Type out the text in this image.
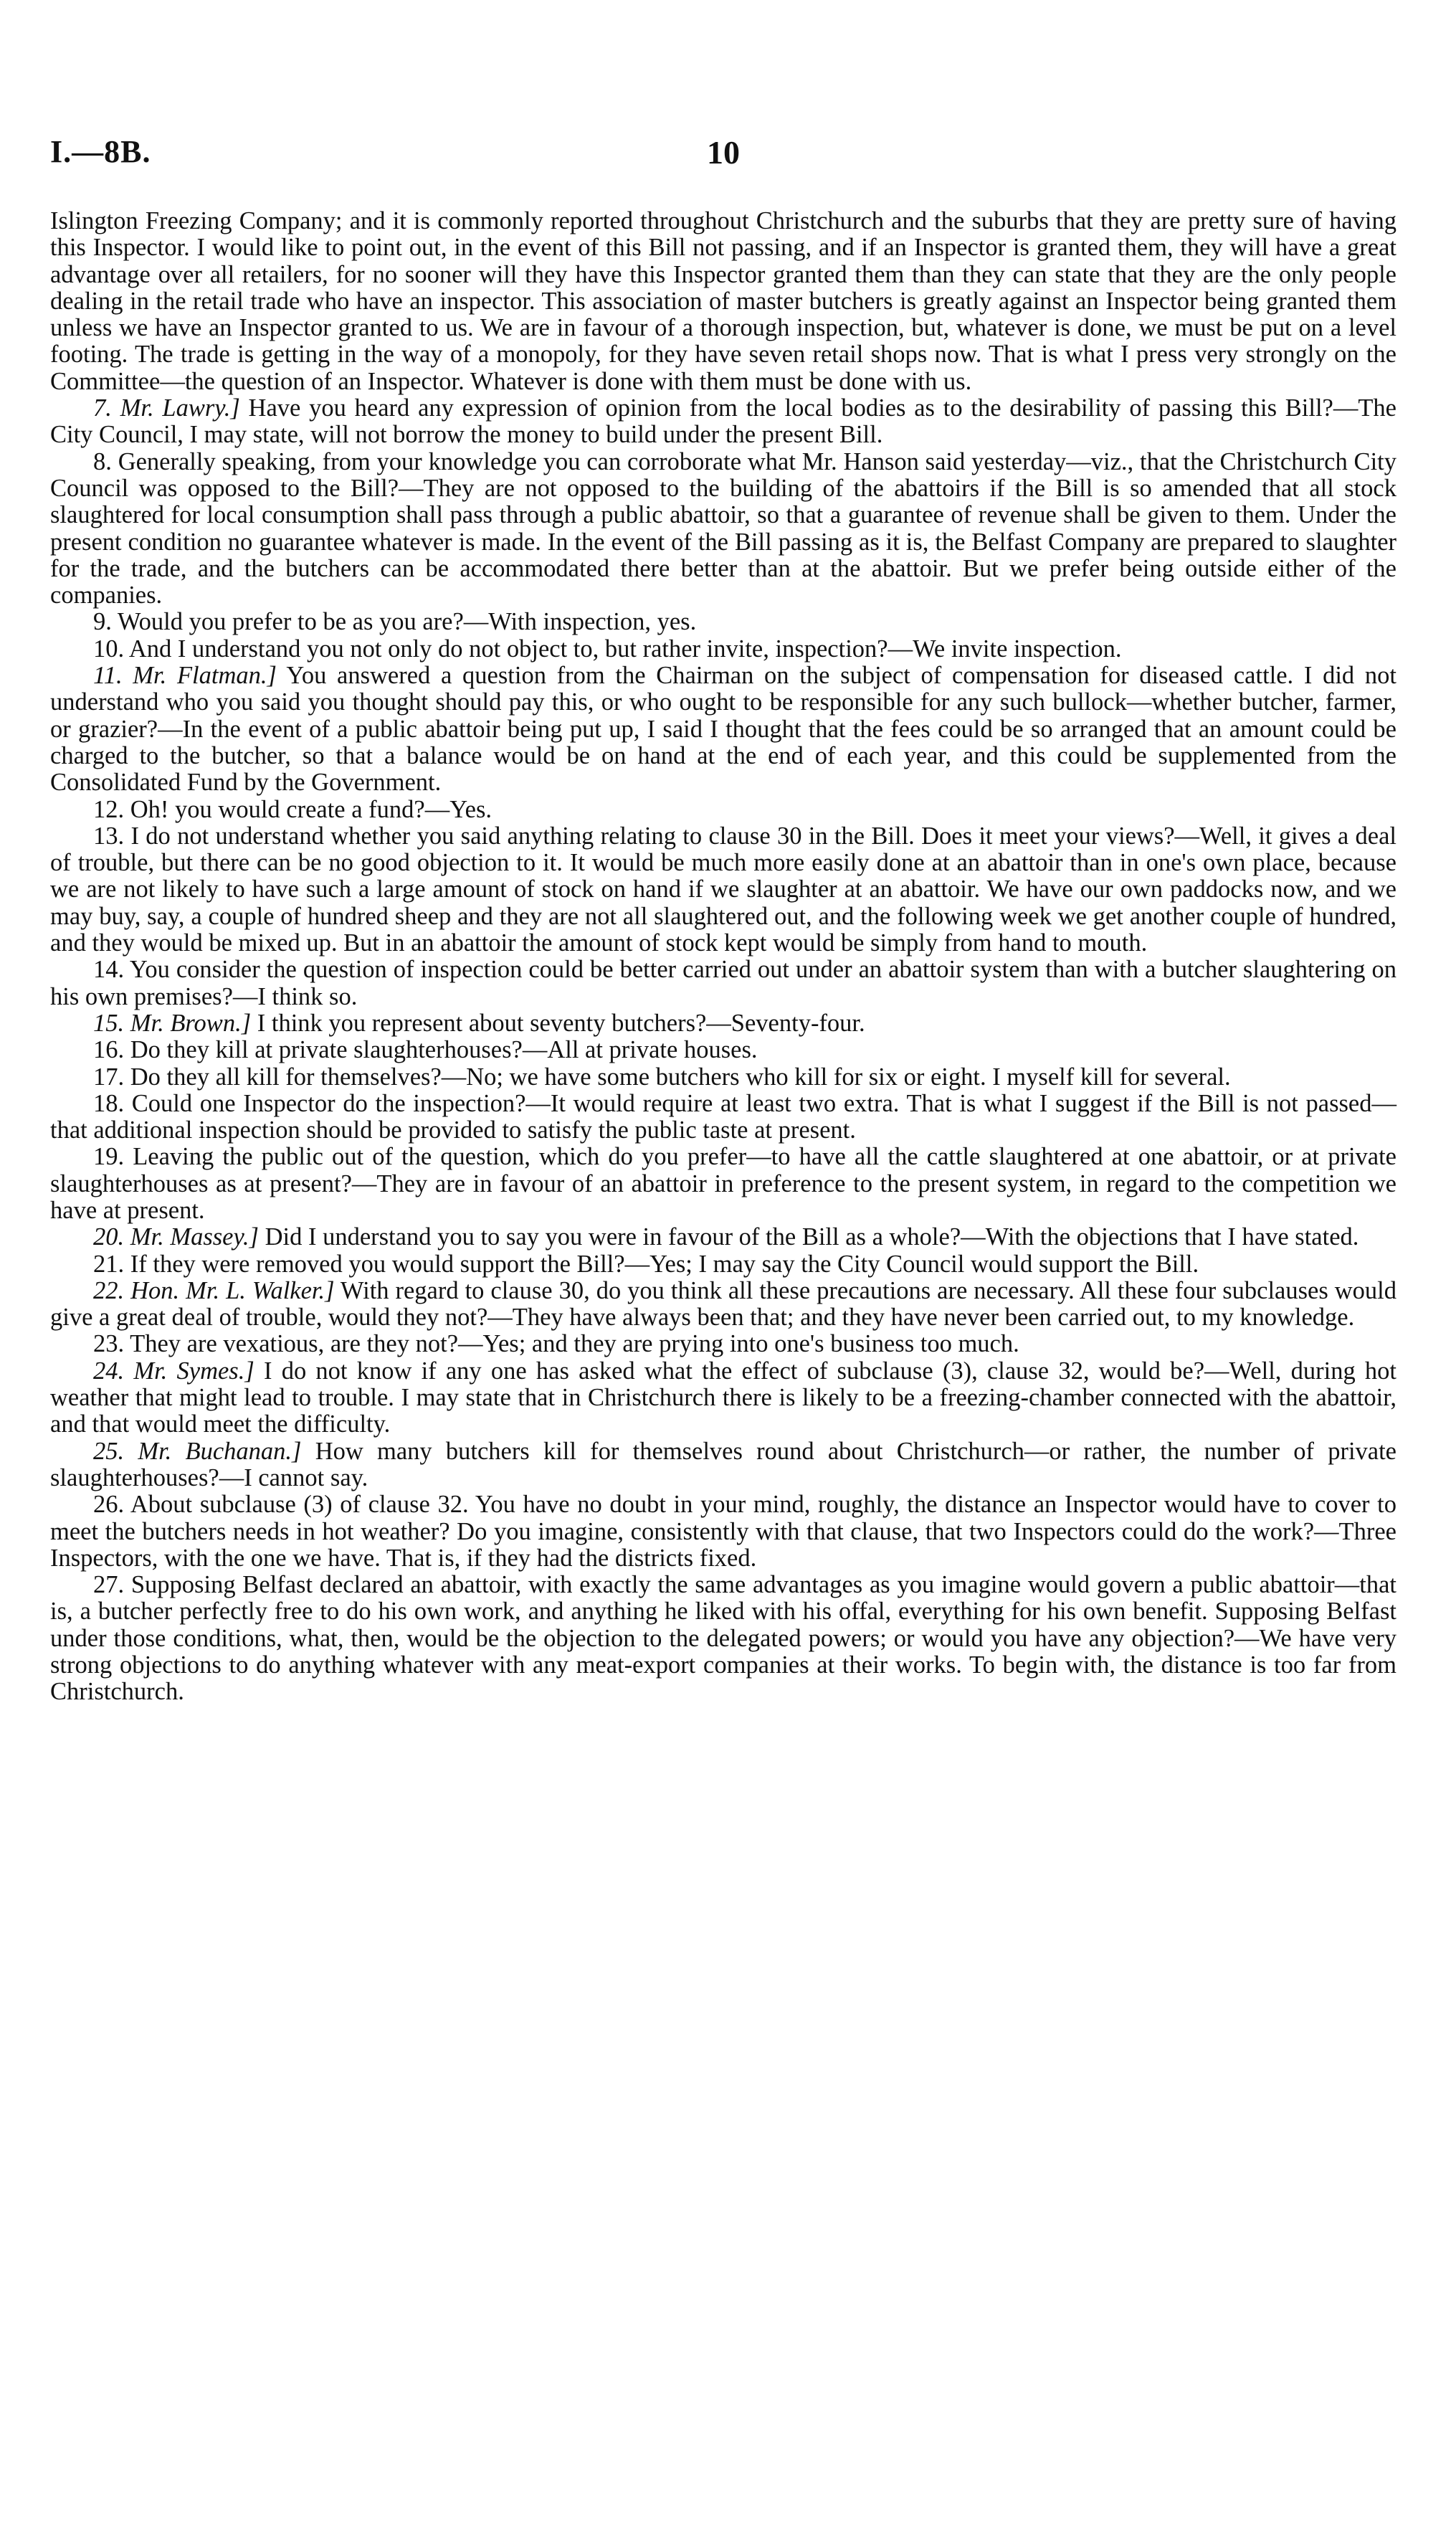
I.—8B.	10

Islington Freezing Company; and it is commonly reported throughout Christchurch and the suburbs that they are pretty sure of having this Inspector. I would like to point out, in the event of this Bill not passing, and if an Inspector is granted them, they will have a great advantage over all retailers, for no sooner will they have this Inspector granted them than they can state that they are the only people dealing in the retail trade who have an inspector. This association of master butchers is greatly against an Inspector being granted them unless we have an Inspector granted to us. We are in favour of a thorough inspection, but, whatever is done, we must be put on a level footing. The trade is getting in the way of a monopoly, for they have seven retail shops now. That is what I press very strongly on the Committee—the question of an Inspector. Whatever is done with them must be done with us.

7. Mr. Lawry.] Have you heard any expression of opinion from the local bodies as to the desirability of passing this Bill?—The City Council, I may state, will not borrow the money to build under the present Bill.

8. Generally speaking, from your knowledge you can corroborate what Mr. Hanson said yesterday—viz., that the Christchurch City Council was opposed to the Bill?—They are not opposed to the building of the abattoirs if the Bill is so amended that all stock slaughtered for local consumption shall pass through a public abattoir, so that a guarantee of revenue shall be given to them. Under the present condition no guarantee whatever is made. In the event of the Bill passing as it is, the Belfast Company are prepared to slaughter for the trade, and the butchers can be accommodated there better than at the abattoir. But we prefer being outside either of the companies.

9. Would you prefer to be as you are?—With inspection, yes.

10. And I understand you not only do not object to, but rather invite, inspection?—We invite inspection.

11. Mr. Flatman.] You answered a question from the Chairman on the subject of compensation for diseased cattle. I did not understand who you said you thought should pay this, or who ought to be responsible for any such bullock—whether butcher, farmer, or grazier?—In the event of a public abattoir being put up, I said I thought that the fees could be so arranged that an amount could be charged to the butcher, so that a balance would be on hand at the end of each year, and this could be supplemented from the Consolidated Fund by the Government.

12. Oh! you would create a fund?—Yes.

13. I do not understand whether you said anything relating to clause 30 in the Bill. Does it meet your views?—Well, it gives a deal of trouble, but there can be no good objection to it. It would be much more easily done at an abattoir than in one's own place, because we are not likely to have such a large amount of stock on hand if we slaughter at an abattoir. We have our own paddocks now, and we may buy, say, a couple of hundred sheep and they are not all slaughtered out, and the following week we get another couple of hundred, and they would be mixed up. But in an abattoir the amount of stock kept would be simply from hand to mouth.

14. You consider the question of inspection could be better carried out under an abattoir system than with a butcher slaughtering on his own premises?—I think so.

15. Mr. Brown.] I think you represent about seventy butchers?—Seventy-four.

16. Do they kill at private slaughterhouses?—All at private houses.

17. Do they all kill for themselves?—No; we have some butchers who kill for six or eight. I myself kill for several.

18. Could one Inspector do the inspection?—It would require at least two extra. That is what I suggest if the Bill is not passed—that additional inspection should be provided to satisfy the public taste at present.

19. Leaving the public out of the question, which do you prefer—to have all the cattle slaughtered at one abattoir, or at private slaughterhouses as at present?—They are in favour of an abattoir in preference to the present system, in regard to the competition we have at present.

20. Mr. Massey.] Did I understand you to say you were in favour of the Bill as a whole?—With the objections that I have stated.

21. If they were removed you would support the Bill?—Yes; I may say the City Council would support the Bill.

22. Hon. Mr. L. Walker.] With regard to clause 30, do you think all these precautions are necessary. All these four subclauses would give a great deal of trouble, would they not?—They have always been that; and they have never been carried out, to my knowledge.

23. They are vexatious, are they not?—Yes; and they are prying into one's business too much.

24. Mr. Symes.] I do not know if any one has asked what the effect of subclause (3), clause 32, would be?—Well, during hot weather that might lead to trouble. I may state that in Christchurch there is likely to be a freezing-chamber connected with the abattoir, and that would meet the difficulty.

25. Mr. Buchanan.] How many butchers kill for themselves round about Christchurch—or rather, the number of private slaughterhouses?—I cannot say.

26. About subclause (3) of clause 32. You have no doubt in your mind, roughly, the distance an Inspector would have to cover to meet the butchers needs in hot weather? Do you imagine, consistently with that clause, that two Inspectors could do the work?—Three Inspectors, with the one we have. That is, if they had the districts fixed.

27. Supposing Belfast declared an abattoir, with exactly the same advantages as you imagine would govern a public abattoir—that is, a butcher perfectly free to do his own work, and anything he liked with his offal, everything for his own benefit. Supposing Belfast under those conditions, what, then, would be the objection to the delegated powers; or would you have any objection?—We have very strong objections to do anything whatever with any meat-export companies at their works. To begin with, the distance is too far from Christchurch.
